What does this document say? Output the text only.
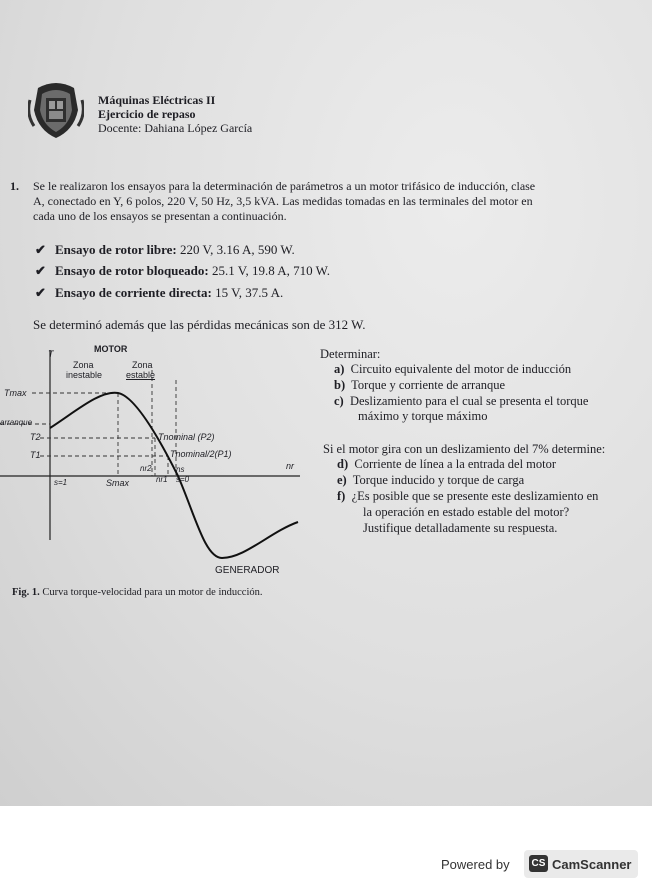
Máquinas Eléctricas II
Ejercicio de repaso
Docente: Dahiana López García
1. Se le realizaron los ensayos para la determinación de parámetros a un motor trifásico de inducción, clase
A, conectado en Y, 6 polos, 220 V, 50 Hz, 3,5 kVA. Las medidas tomadas en las terminales del motor en
cada uno de los ensayos se presentan a continuación.
✔ Ensayo de rotor libre: 220 V, 3.16 A, 590 W.
✔ Ensayo de rotor bloqueado: 25.1 V, 19.8 A, 710 W.
✔ Ensayo de corriente directa: 15 V, 37.5 A.
Se determinó además que las pérdidas mecánicas son de 312 W.
Determinar:
a) Circuito equivalente del motor de inducción
b) Torque y corriente de arranque
c) Deslizamiento para el cual se presenta el torque
máximo y torque máximo
Si el motor gira con un deslizamiento del 7% determine:
d) Corriente de línea a la entrada del motor
e) Torque inducido y torque de carga
f) ¿Es posible que se presente este deslizamiento en
la operación en estado estable del motor?
Justifique detalladamente su respuesta.
T	MOTOR
Zona
inestable
Zona
estable
Tmax
arranque
T2
T1
Tnominal (P2)
Tnominal/2(P1)
nr
s=1	Smax
nr2
nr1
ns
s=0
GENERADOR
Fig. 1. Curva torque-velocidad para un motor de inducción.
Powered by CS CamScanner
